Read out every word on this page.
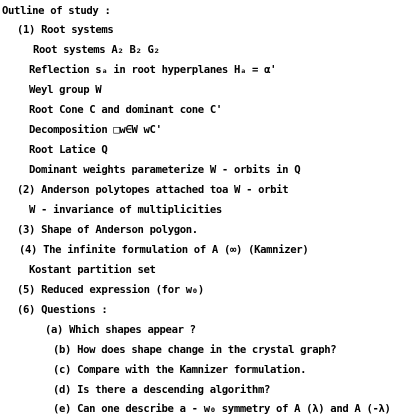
Outline of study :
(1) Root systems
Root systems A₂ B₂ G₂
Reflection sₐ in root hyperplanes Hₐ = α'
Weyl group W
Root Cone C and dominant cone C'
Decomposition □w∈W wC'
Root Latice Q
Dominant weights parameterize W - orbits in Q
(2) Anderson polytopes attached toa W - orbit
W - invariance of multiplicities
(3) Shape of Anderson polygon.
(4) The infinite formulation of A (∞) (Kamnizer)
Kostant partition set
(5) Reduced expression (for w₀)
(6) Questions :
(a) Which shapes appear ?
(b) How does shape change in the crystal graph?
(c) Compare with the Kamnizer formulation.
(d) Is there a descending algorithm?
(e) Can one describe a - w₀ symmetry of A (λ) and A (-λ)
